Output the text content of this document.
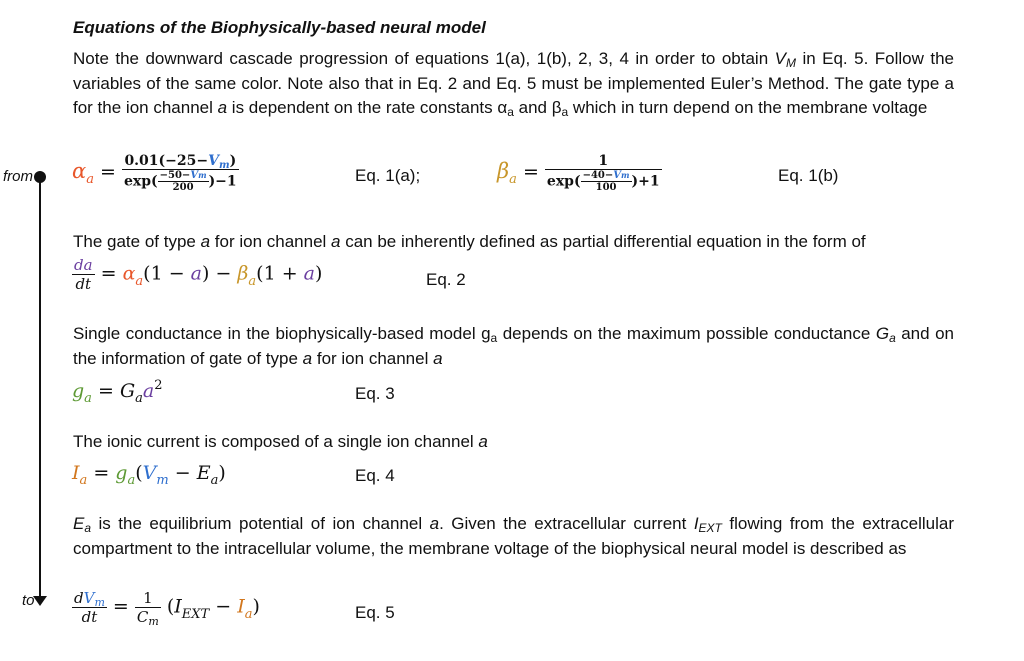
Equations of the Biophysically-based neural model
Note the downward cascade progression of equations 1(a), 1(b), 2, 3, 4 in order to obtain VM in Eq. 5. Follow the variables of the same color. Note also that in Eq. 2 and Eq. 5 must be implemented Euler’s Method. The gate type a for the ion channel a is dependent on the rate constants αa and βa which in turn depend on the membrane voltage
from
to
$\alpha_a = \frac{0.01(-25-V_m)}{\exp( \frac{-50-Vm}{200} )-1}$	Eq. 1(a);	$\beta_a = \frac{1}{\exp( \frac{-40-Vm}{100} )+1}$	Eq. 1(b)
The gate of type a for ion channel a can be inherently defined as partial differential equation in the form of
$\frac{da}{dt} = \alpha_a(1 - a) - \beta_a(1 + a)$	Eq. 2
Single conductance in the biophysically-based model ga depends on the maximum possible conductance Ga and on the information of gate of type a for ion channel a
$g_a = G_aa^2$	Eq. 3
The ionic current is composed of a single ion channel a
$I_a = g_a(V_m - E_a)$	Eq. 4
Ea is the equilibrium potential of ion channel a. Given the extracellular current IEXT flowing from the extracellular compartment to the intracellular volume, the membrane voltage of the biophysical neural model is described as
$\frac{dV_m}{dt} = \frac{1}{C_m} (I_{EXT} - I_a)$	Eq. 5
